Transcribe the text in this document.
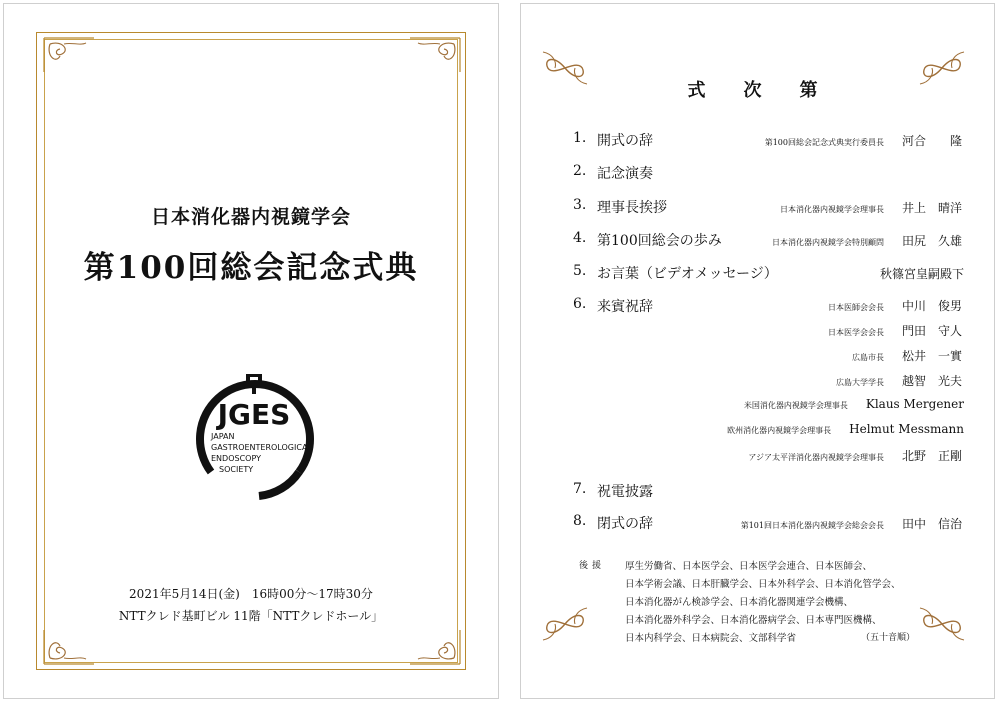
日本消化器内視鏡学会
第100回総会記念式典
JGES
JAPAN
GASTROENTEROLOGICAL
ENDOSCOPY
SOCIETY
2021年5月14日(金)　16時00分～17時30分
NTTクレド基町ビル 11階「NTTクレドホール」
式　次　第
1. 開式の辞	第100回総会記念式典実行委員長 河合　　隆
2. 記念演奏
3. 理事長挨拶	日本消化器内視鏡学会理事長 井上　晴洋
4. 第100回総会の歩み	日本消化器内視鏡学会特別顧問 田尻　久雄
5. お言葉（ビデオメッセージ）	秋篠宮皇嗣殿下
6. 来賓祝辞	日本医師会会長 中川　俊男
日本医学会会長 門田　守人
広島市長 松井　一實
広島大学学長 越智　光夫
米国消化器内視鏡学会理事長 Klaus Mergener
欧州消化器内視鏡学会理事長 Helmut Messmann
アジア太平洋消化器内視鏡学会理事長 北野　正剛
7. 祝電披露
8. 閉式の辞	第101回日本消化器内視鏡学会総会会長 田中　信治
後援 厚生労働省、日本医学会、日本医学会連合、日本医師会、
日本学術会議、日本肝臓学会、日本外科学会、日本消化管学会、
日本消化器がん検診学会、日本消化器関連学会機構、
日本消化器外科学会、日本消化器病学会、日本専門医機構、
日本内科学会、日本病院会、文部科学省	（五十音順）
